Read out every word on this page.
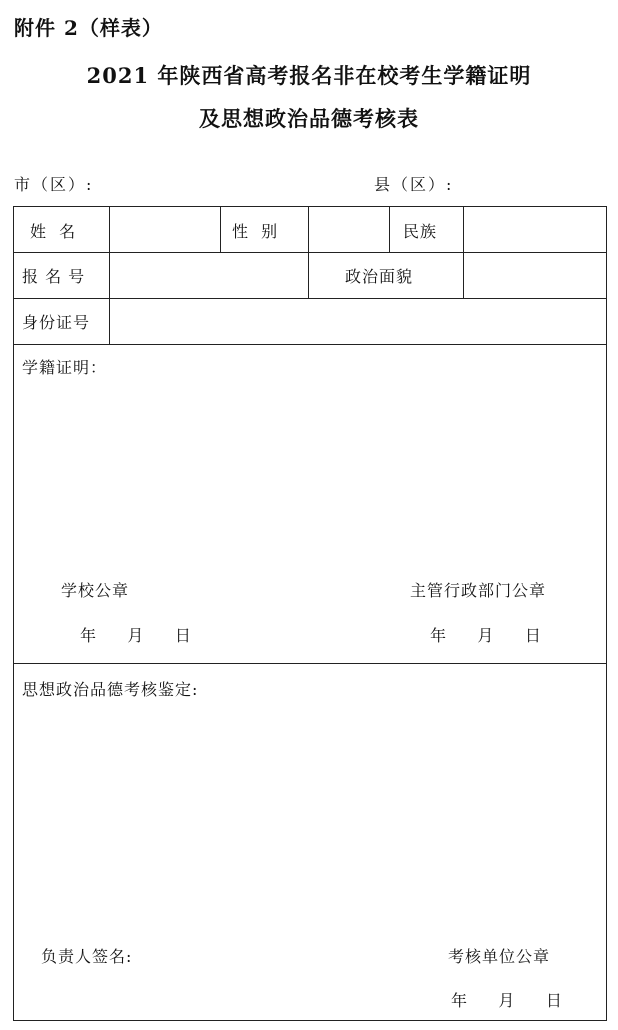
附件 2（样表）
2021 年陕西省高考报名非在校考生学籍证明
及思想政治品德考核表
市（区）:	县（区）:
姓  名	性  别	民族
报 名 号	政治面貌
身份证号
学籍证明：
学校公章	主管行政部门公章
年     月     日	年     月     日
思想政治品德考核鉴定:
负责人签名:	考核单位公章
年     月     日
